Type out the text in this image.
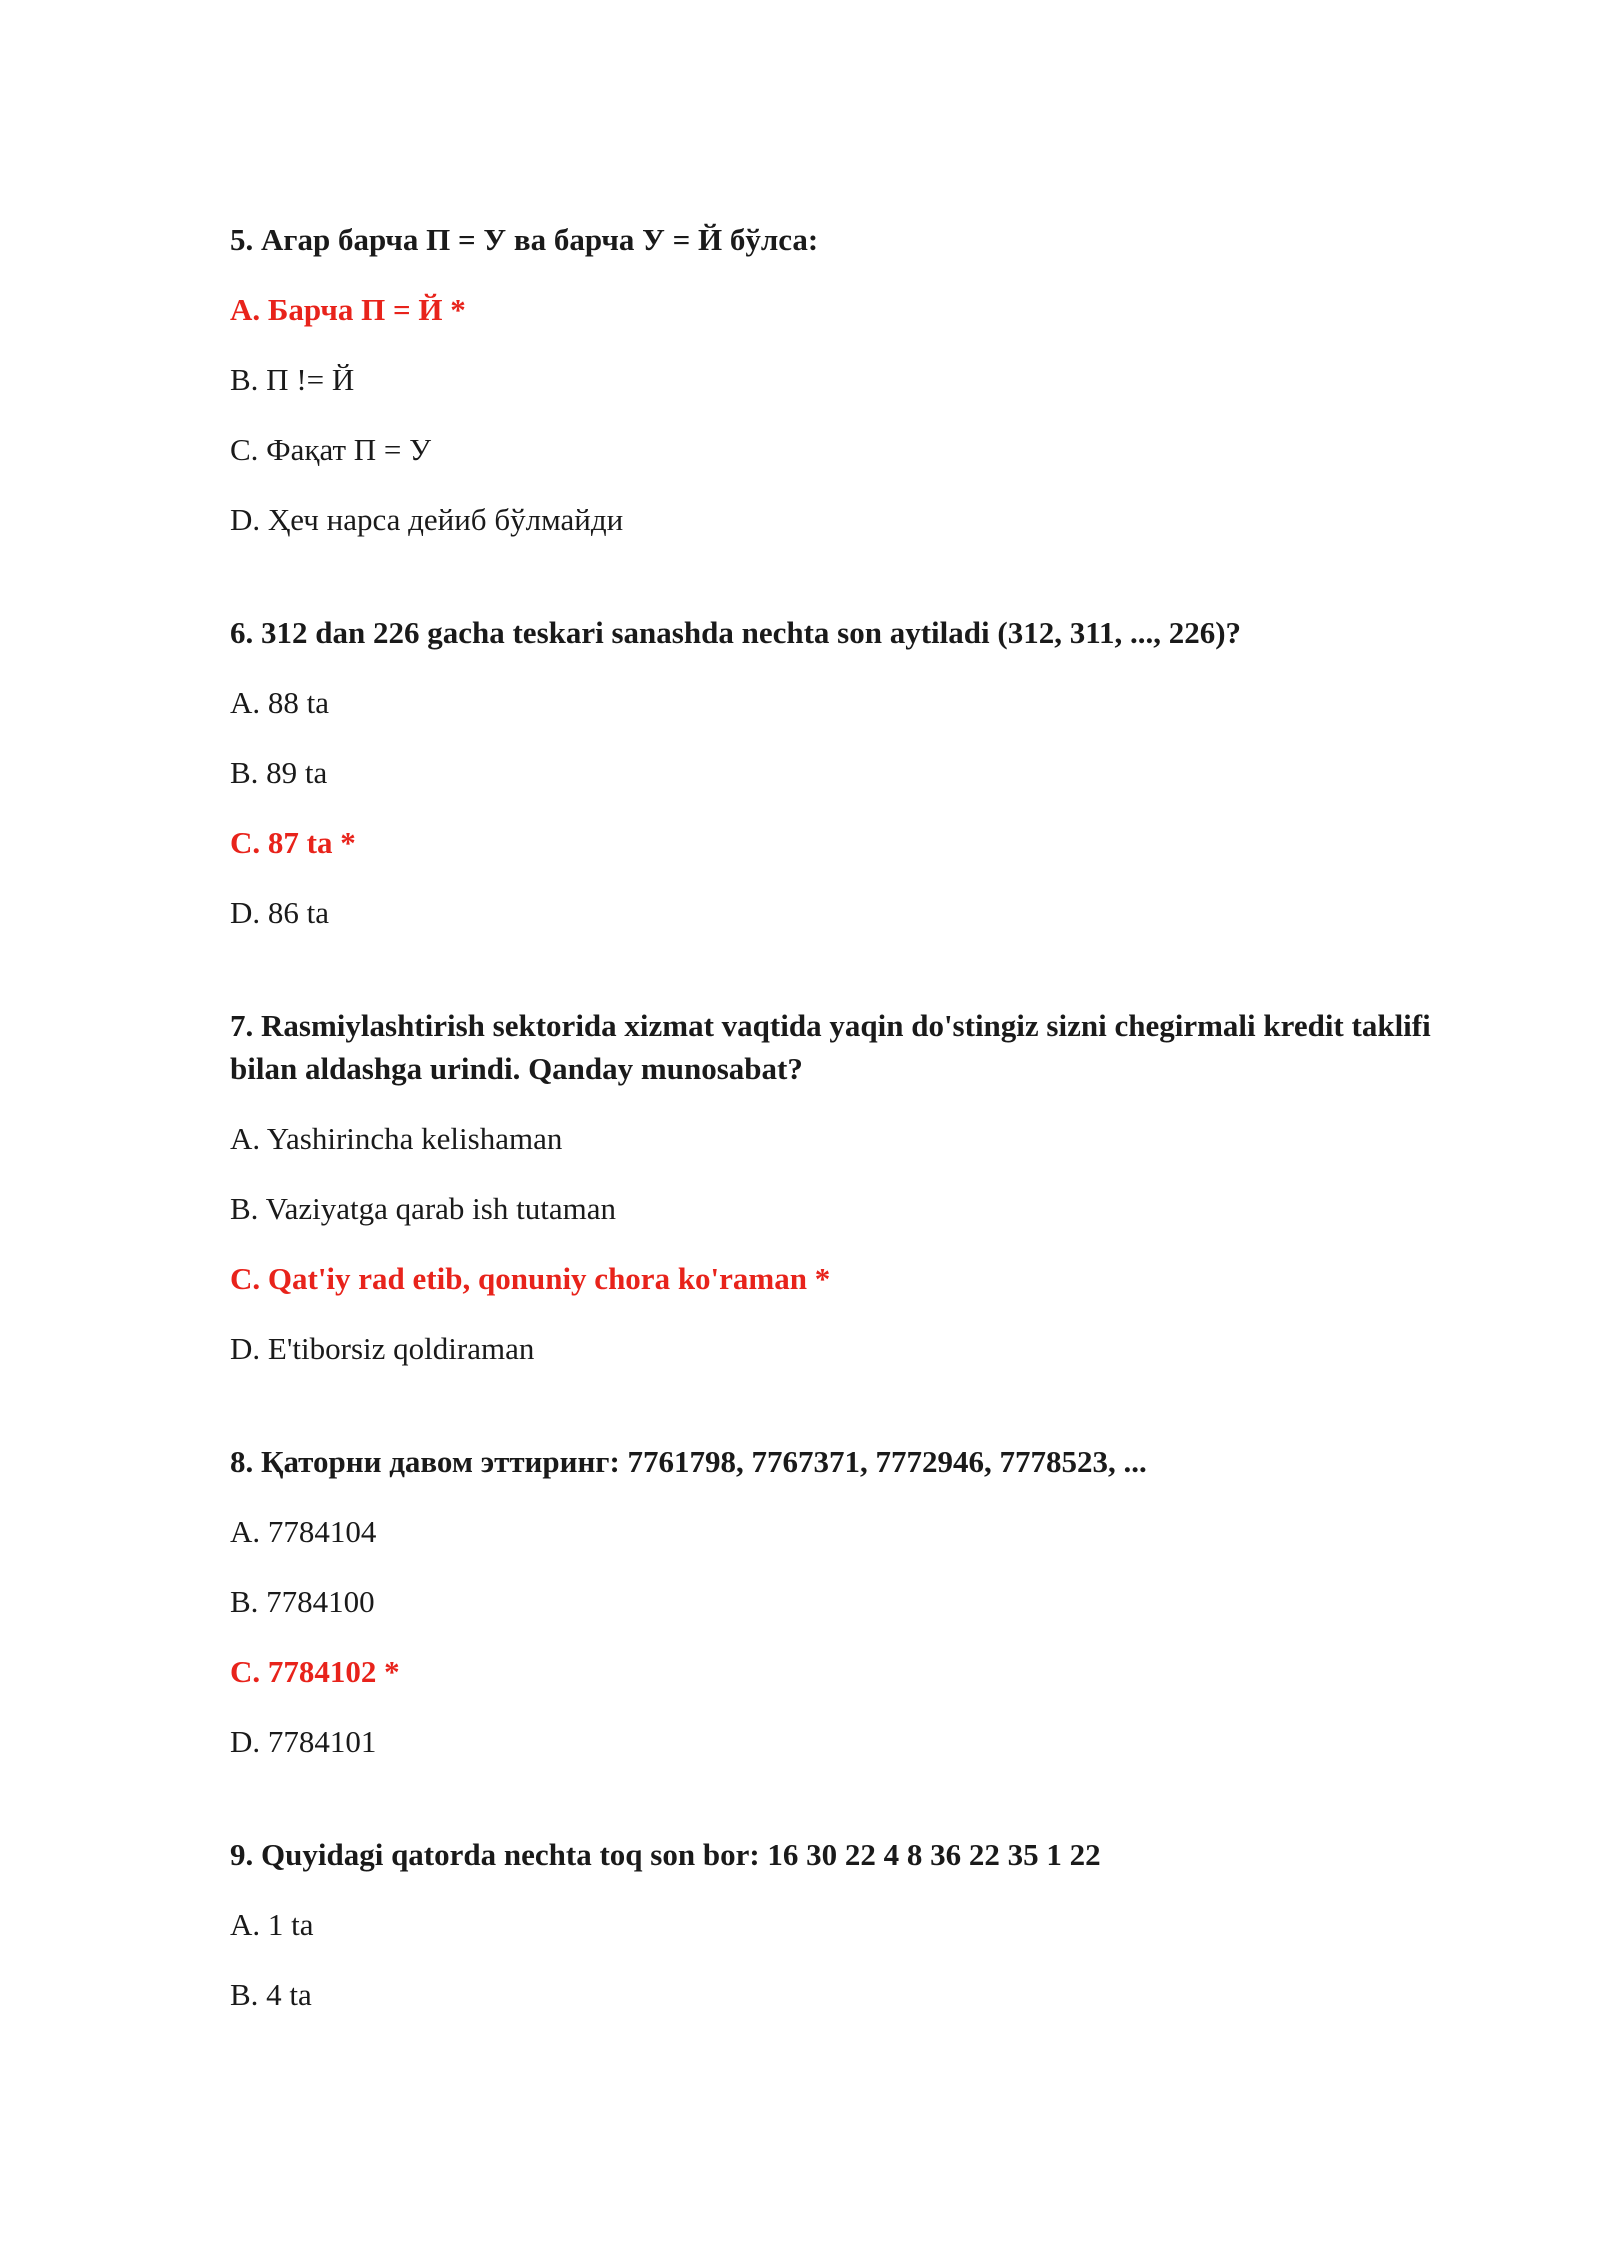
5. Агар барча П = У ва барча У = Й бўлса:

A. Барча П = Й *

B. П != Й

C. Фақат П = У

D. Ҳеч нарса дейиб бўлмайди

6. 312 dan 226 gacha teskari sanashda nechta son aytiladi (312, 311, ..., 226)?

A. 88 ta

B. 89 ta

C. 87 ta *

D. 86 ta

7. Rasmiylashtirish sektorida xizmat vaqtida yaqin do'stingiz sizni chegirmali kredit taklifi bilan aldashga urindi. Qanday munosabat?

A. Yashirincha kelishaman

B. Vaziyatga qarab ish tutaman

C. Qat'iy rad etib, qonuniy chora ko'raman *

D. E'tiborsiz qoldiraman

8. Қаторни давом эттиринг: 7761798, 7767371, 7772946, 7778523, ...

A. 7784104

B. 7784100

C. 7784102 *

D. 7784101

9. Quyidagi qatorda nechta toq son bor: 16 30 22 4 8 36 22 35 1 22

A. 1 ta

B. 4 ta
